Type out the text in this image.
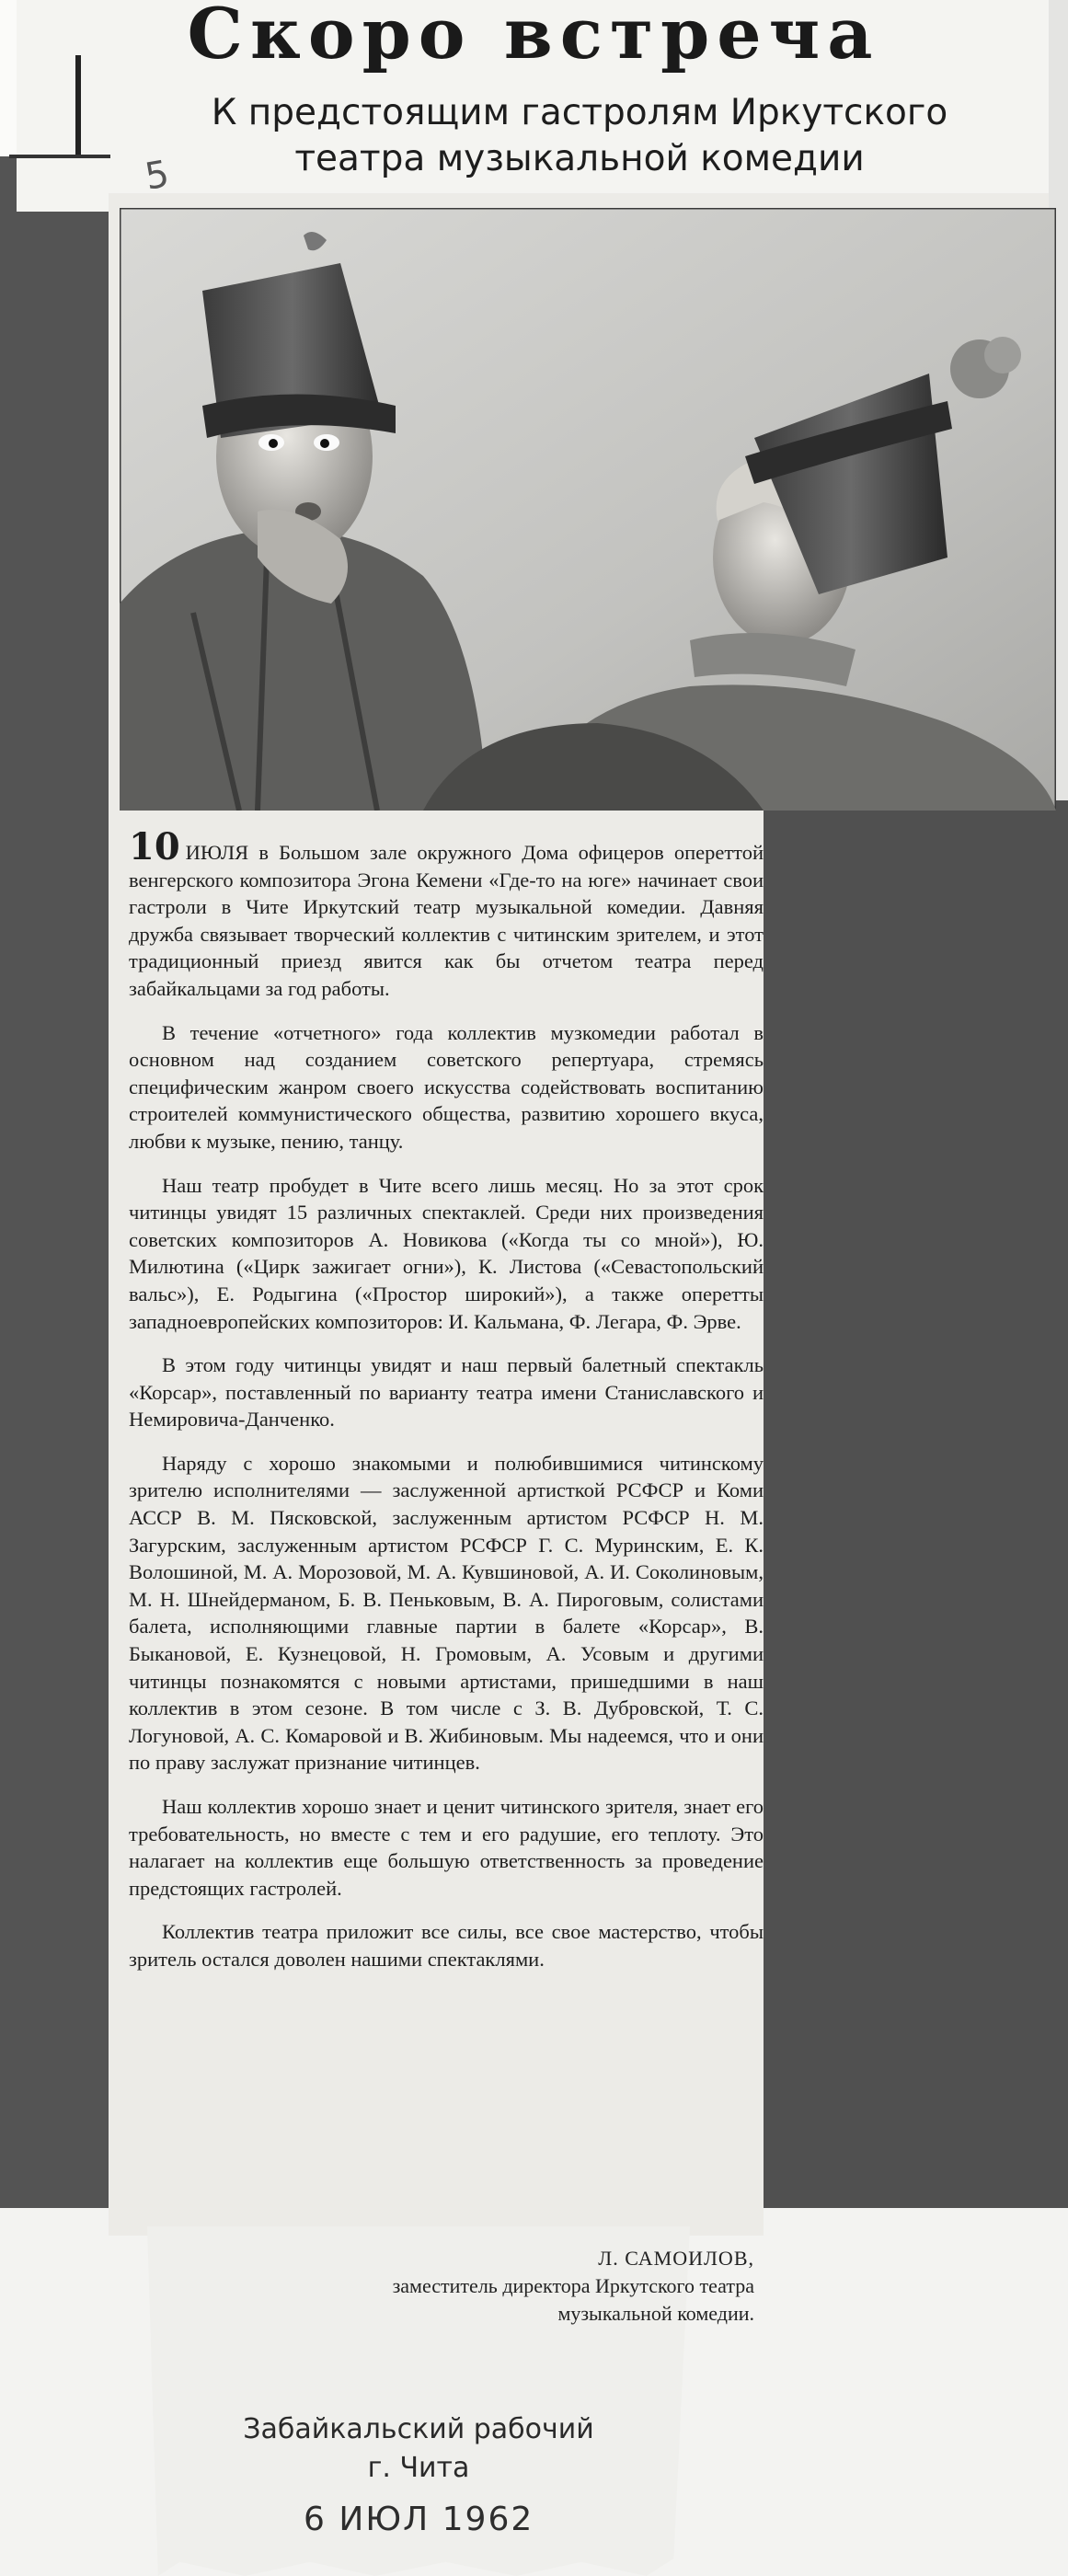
5
Скоро встреча
К предстоящим гастролям Иркутского
театра музыкальной комедии

10 ИЮЛЯ в Большом зале окружного Дома офицеров опереттой венгерского композитора Эгона Кемени «Где-то на юге» начинает свои гастроли в Чите Иркутский театр музыкальной комедии. Давняя дружба связывает творческий коллектив с читинским зрителем, и этот традиционный приезд явится как бы отчетом театра перед забайкальцами за год работы.

В течение «отчетного» года коллектив музкомедии работал в основном над созданием советского репертуара, стремясь специфическим жанром своего искусства содействовать воспитанию строителей коммунистического общества, развитию хорошего вкуса, любви к музыке, пению, танцу.

Наш театр пробудет в Чите всего лишь месяц. Но за этот срок читинцы увидят 15 различных спектаклей. Среди них произведения советских композиторов А. Новикова («Когда ты со мной»), Ю. Милютина («Цирк зажигает огни»), К. Листова («Севастопольский вальс»), Е. Родыгина («Простор широкий»), а также оперетты западноевропейских композиторов: И. Кальмана, Ф. Легара, Ф. Эрве.

В этом году читинцы увидят и наш первый балетный спектакль «Корсар», поставленный по варианту театра имени Станиславского и Немировича-Данченко.

Наряду с хорошо знакомыми и полюбившимися читинскому зрителю исполнителями — заслуженной артисткой РСФСР и Коми АССР В. М. Пясковской, заслуженным артистом РСФСР Н. М. Загурским, заслуженным артистом РСФСР Г. С. Муринским, Е. К. Волошиной, М. А. Морозовой, М. А. Кувшиновой, А. И. Соколиновым, М. Н. Шнейдерманом, Б. В. Пеньковым, В. А. Пироговым, солистами балета, исполняющими главные партии в балете «Корсар», В. Быкановой, Е. Кузнецовой, Н. Громовым, А. Усовым и другими читинцы познакомятся с новыми артистами, пришедшими в наш коллектив в этом сезоне. В том числе с З. В. Дубровской, Т. С. Логуновой, А. С. Комаровой и В. Жибиновым. Мы надеемся, что и они по праву заслужат признание читинцев.

Наш коллектив хорошо знает и ценит читинского зрителя, знает его требовательность, но вместе с тем и его радушие, его теплоту. Это налагает на коллектив еще большую ответственность за проведение предстоящих гастролей.

Коллектив театра приложит все силы, все свое мастерство, чтобы зритель остался доволен нашими спектаклями.

Л. САМОИЛОВ,
заместитель директора Иркутского театра
музыкальной комедии.
Забайкальский рабочий
г. Чита
6 ИЮЛ 1962
